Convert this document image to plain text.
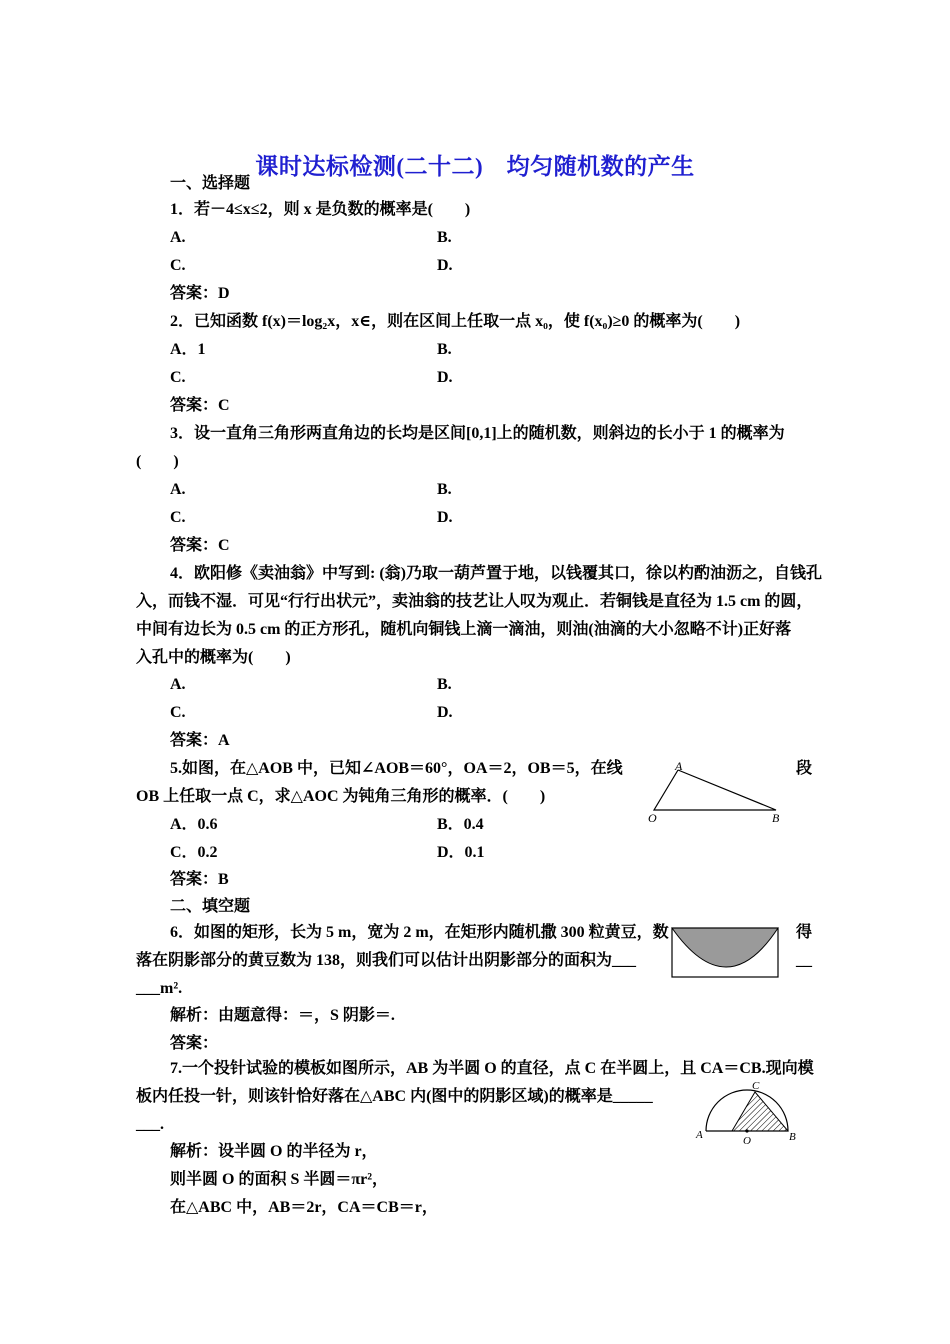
课时达标检测(二十二)　均匀随机数的产生
一、选择题
1．若－4≤x≤2，则 x 是负数的概率是(　　)
A.	B.
C.	D.
答案：D
2．已知函数 f(x)＝log₂x，x∈，则在区间上任取一点 x₀，使 f(x₀)≥0 的概率为(　　)
A．1	B.
C.	D.
答案：C
3．设一直角三角形两直角边的长均是区间[0,1]上的随机数，则斜边的长小于 1 的概率为
(　　)
A.	B.
C.	D.
答案：C
4．欧阳修《卖油翁》中写到: (翁)乃取一葫芦置于地，以钱覆其口，徐以杓酌油沥之，自钱孔
入，而钱不湿．可见“行行出状元”，卖油翁的技艺让人叹为观止．若铜钱是直径为 1.5 cm 的圆，
中间有边长为 0.5 cm 的正方形孔，随机向铜钱上滴一滴油，则油(油滴的大小忽略不计)正好落
入孔中的概率为(　　)
A.	B.
C.	D.
答案：A
5.如图，在△AOB 中，已知∠AOB＝60°，OA＝2，OB＝5，在线	段
OB 上任取一点 C，求△AOC 为钝角三角形的概率．(　　)
A．0.6	B．0.4
C．0.2	D．0.1
答案：B
A
O	B
二、填空题
6．如图的矩形，长为 5 m，宽为 2 m，在矩形内随机撒 300 粒黄豆，数	得
落在阴影部分的黄豆数为 138，则我们可以估计出阴影部分的面积为___	__
___m².
解析：由题意得：＝，S 阴影＝.
答案：
7.一个投针试验的模板如图所示，AB 为半圆 O 的直径，点 C 在半圆上，且 CA＝CB.现向模
板内任投一针，则该针恰好落在△ABC 内(图中的阴影区域)的概率是_____
___.
解析：设半圆 O 的半径为 r，
则半圆 O 的面积 S 半圆＝πr²，
在△ABC 中，AB＝2r，CA＝CB＝r，
C
A	O	B
